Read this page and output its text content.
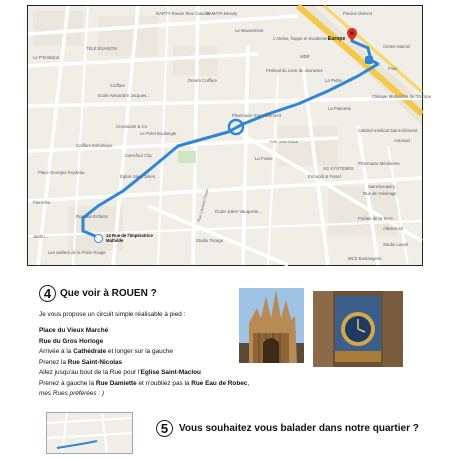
DARTY Rouen Rive Gauche
SAMATA Beauty
Le P'tit Bistrot
TÉLÉ EVASION
Coiffure
Dream Coiffure
Le Mouvement
Ecole Alexandre Jacques...
L'Atelier, frappe et évadement...
Europe
Centre Marcel
Piscine Diderot
Fnac
Clinique Mutualiste de l'Europe
Festival du Livre de Jeunesse
La Petite...
MDR
La Potinerie
Croissants & Co
Le Point Boulanger
Pharmacie Saint-Clément
Cabinet médical Saint-Clément
Autosud
Coiffure Esthétique
Rue Jean Macé
Carrefour City
La Fosse
SG SYSTEMES
Pharmacie Ménilerme
Église Saint Julien
Rue Laurent Fissel
Entrepôt & Fissel
Rue de Voisinage
Place Georges Feydeau
Pierrefeu
Rue des Enfants
École Julien Vauquelin...
Poètes de la Terre
Alleans 63
Studio Tecage
Studio Laurel
MCS Boulangerie
Les ateliers de la Porte Rouge
Saint-Exupéry
Jardin...	14 Rue de l'Impératrice Mathilde
4 Que voir à ROUEN ?
Je vous propose un circuit simple réalisable à pied :
Place du Vieux Marché
Rue du Gros Horloge
Arrivée à la Cathédrale et longer sur la gauche
Prenez la Rue Saint-Nicolas
Allez jusqu'au bout de la Rue pour l'Eglise Saint-Maclou
Prenez à gauche la Rue Damiette et n'oubliez pas la Rue Eau de Robec,
mes Rues préférées : )
5	Vous souhaitez vous balader dans notre quartier ?
